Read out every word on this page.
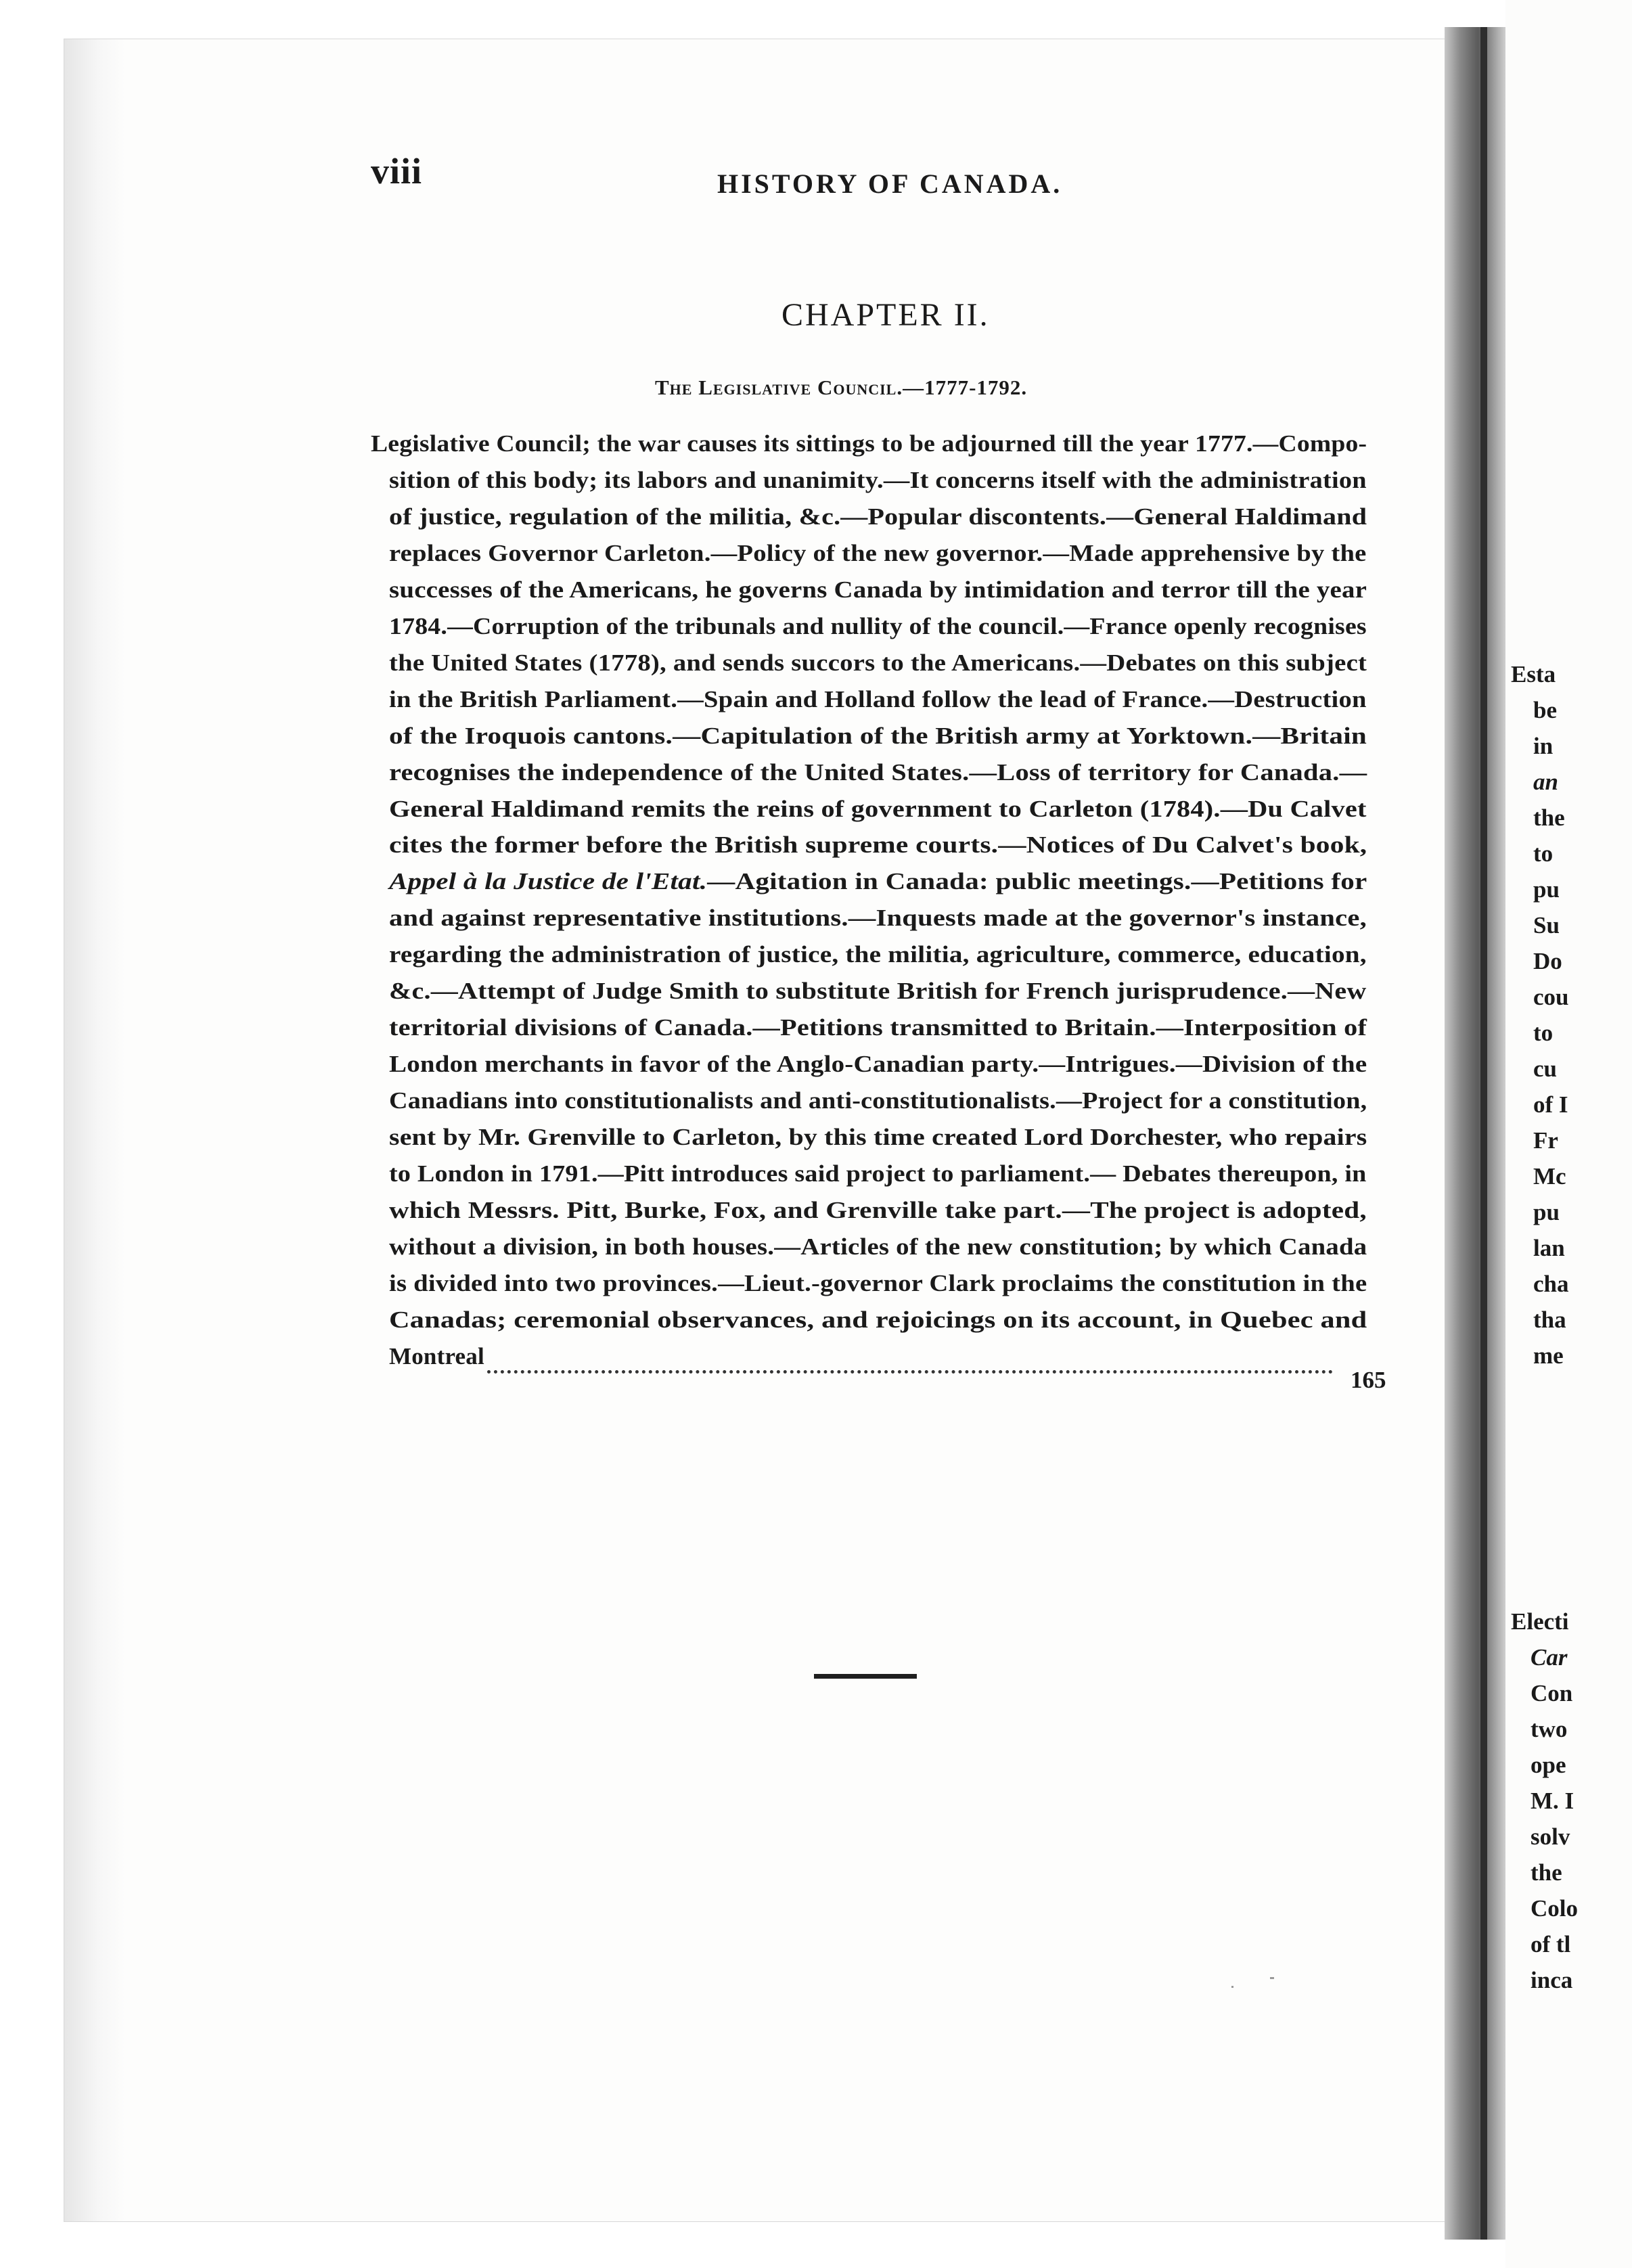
viii	HISTORY OF CANADA.
CHAPTER II.
The Legislative Council.—1777-1792.
Legislative Council; the war causes its sittings to be adjourned till the year 1777.—Compo-
sition of this body; its labors and unanimity.—It concerns itself with the administration
of justice, regulation of the militia, &c.—Popular discontents.—General Haldimand
replaces Governor Carleton.—Policy of the new governor.—Made apprehensive by the
successes of the Americans, he governs Canada by intimidation and terror till the year
1784.—Corruption of the tribunals and nullity of the council.—France openly recognises
the United States (1778), and sends succors to the Americans.—Debates on this subject
in the British Parliament.—Spain and Holland follow the lead of France.—Destruction
of the Iroquois cantons.—Capitulation of the British army at Yorktown.—Britain
recognises the independence of the United States.—Loss of territory for Canada.—
General Haldimand remits the reins of government to Carleton (1784).—Du Calvet
cites the former before the British supreme courts.—Notices of Du Calvet's book,
Appel à la Justice de l'Etat.—Agitation in Canada: public meetings.—Petitions for
and against representative institutions.—Inquests made at the governor's instance,
regarding the administration of justice, the militia, agriculture, commerce, education,
&c.—Attempt of Judge Smith to substitute British for French jurisprudence.—New
territorial divisions of Canada.—Petitions transmitted to Britain.—Interposition of
London merchants in favor of the Anglo-Canadian party.—Intrigues.—Division of the
Canadians into constitutionalists and anti-constitutionalists.—Project for a constitution,
sent by Mr. Grenville to Carleton, by this time created Lord Dorchester, who repairs
to London in 1791.—Pitt introduces said project to parliament.— Debates thereupon, in
which Messrs. Pitt, Burke, Fox, and Grenville take part.—The project is adopted,
without a division, in both houses.—Articles of the new constitution; by which Canada
is divided into two provinces.—Lieut.-governor Clark proclaims the constitution in the
Canadas; ceremonial observances, and rejoicings on its account, in Quebec and
Montreal
165
Esta
be
in
an
the
to
pu
Su
Do
cou
to
cu
of I
Fr
Mc
pu
lan
cha
tha
me
Electi
Car
Con
two
ope
M. I
solv
the
Colo
of tl
inca
